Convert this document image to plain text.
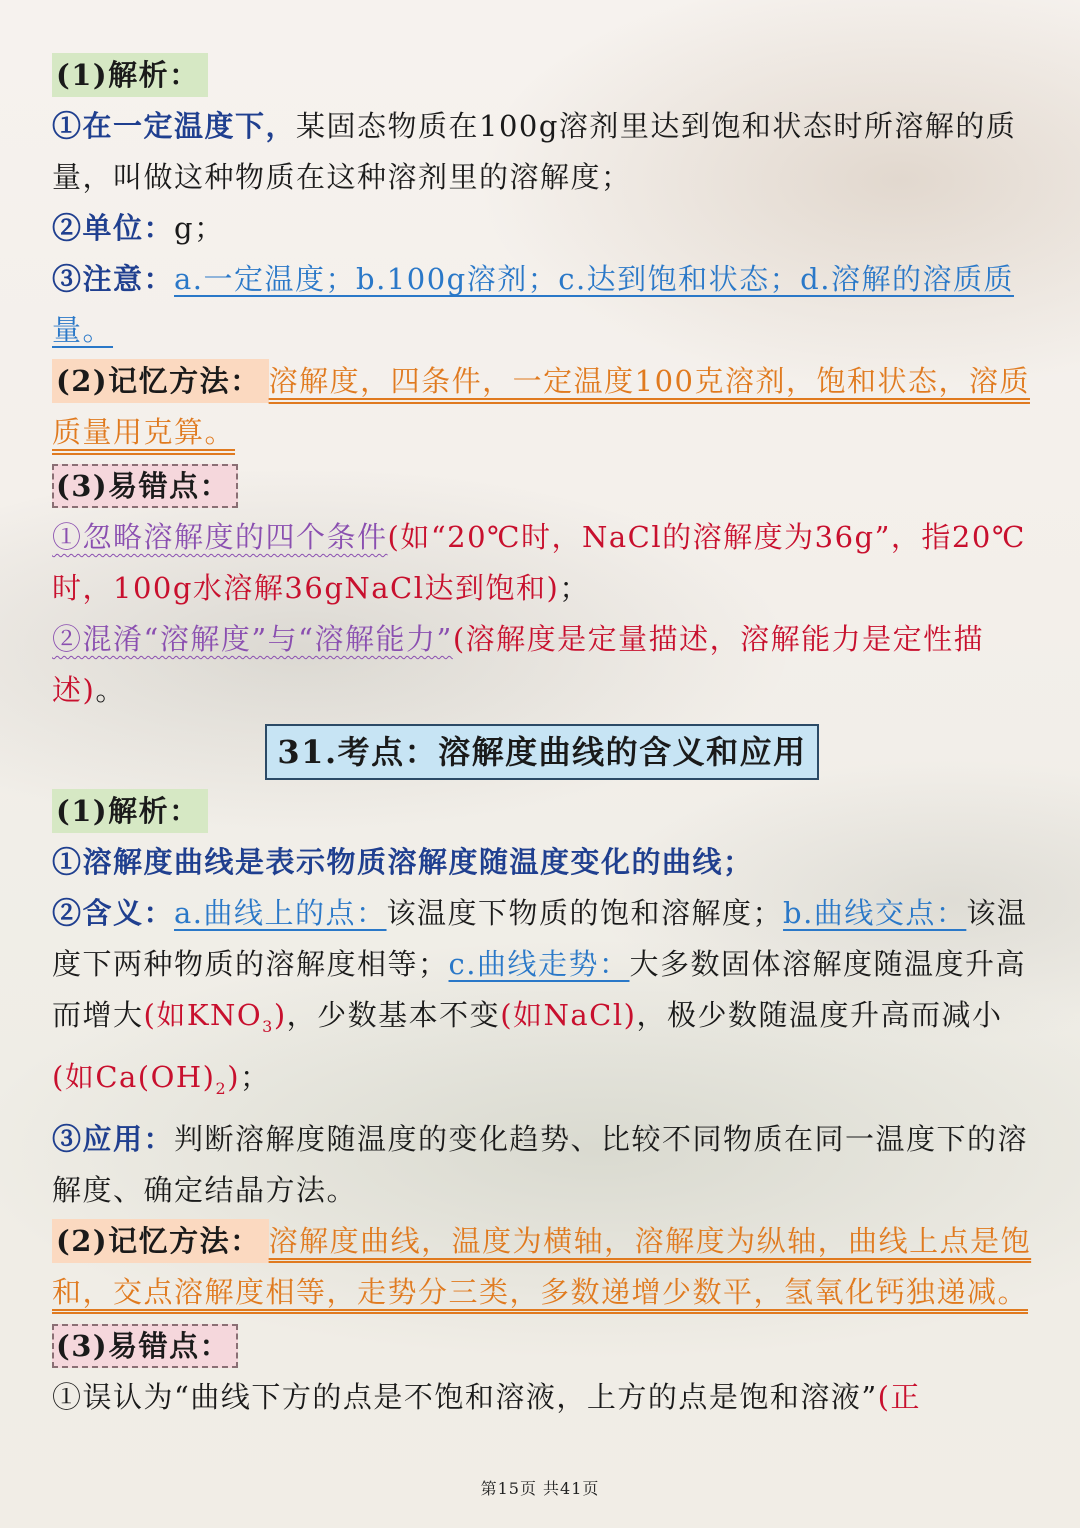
(1)解析：
①在一定温度下，某固态物质在100g溶剂里达到饱和状态时所溶解的质量，叫做这种物质在这种溶剂里的溶解度；
②单位：g；
③注意：a.一定温度；b.100g溶剂；c.达到饱和状态；d.溶解的溶质质量。
(2)记忆方法： 溶解度，四条件，一定温度100克溶剂，饱和状态，溶质质量用克算。
(3)易错点：
①忽略溶解度的四个条件(如“20℃时，NaCl的溶解度为36g”，指20℃时，100g水溶解36gNaCl达到饱和)；
②混淆“溶解度”与“溶解能力”(溶解度是定量描述，溶解能力是定性描述)。
31.考点：溶解度曲线的含义和应用
(1)解析：
①溶解度曲线是表示物质溶解度随温度变化的曲线；
②含义：a.曲线上的点：该温度下物质的饱和溶解度；b.曲线交点：该温度下两种物质的溶解度相等；c.曲线走势：大多数固体溶解度随温度升高而增大(如$KNO_3$)，少数基本不变(如NaCl)，极少数随温度升高而减小(如$Ca(OH)_2$)；
③应用：判断溶解度随温度的变化趋势、比较不同物质在同一温度下的溶解度、确定结晶方法。
(2)记忆方法： 溶解度曲线，温度为横轴，溶解度为纵轴，曲线上点是饱和，交点溶解度相等，走势分三类，多数递增少数平，氢氧化钙独递减。
(3)易错点：
①误认为“曲线下方的点是不饱和溶液，上方的点是饱和溶液”(正
第15页 共41页
